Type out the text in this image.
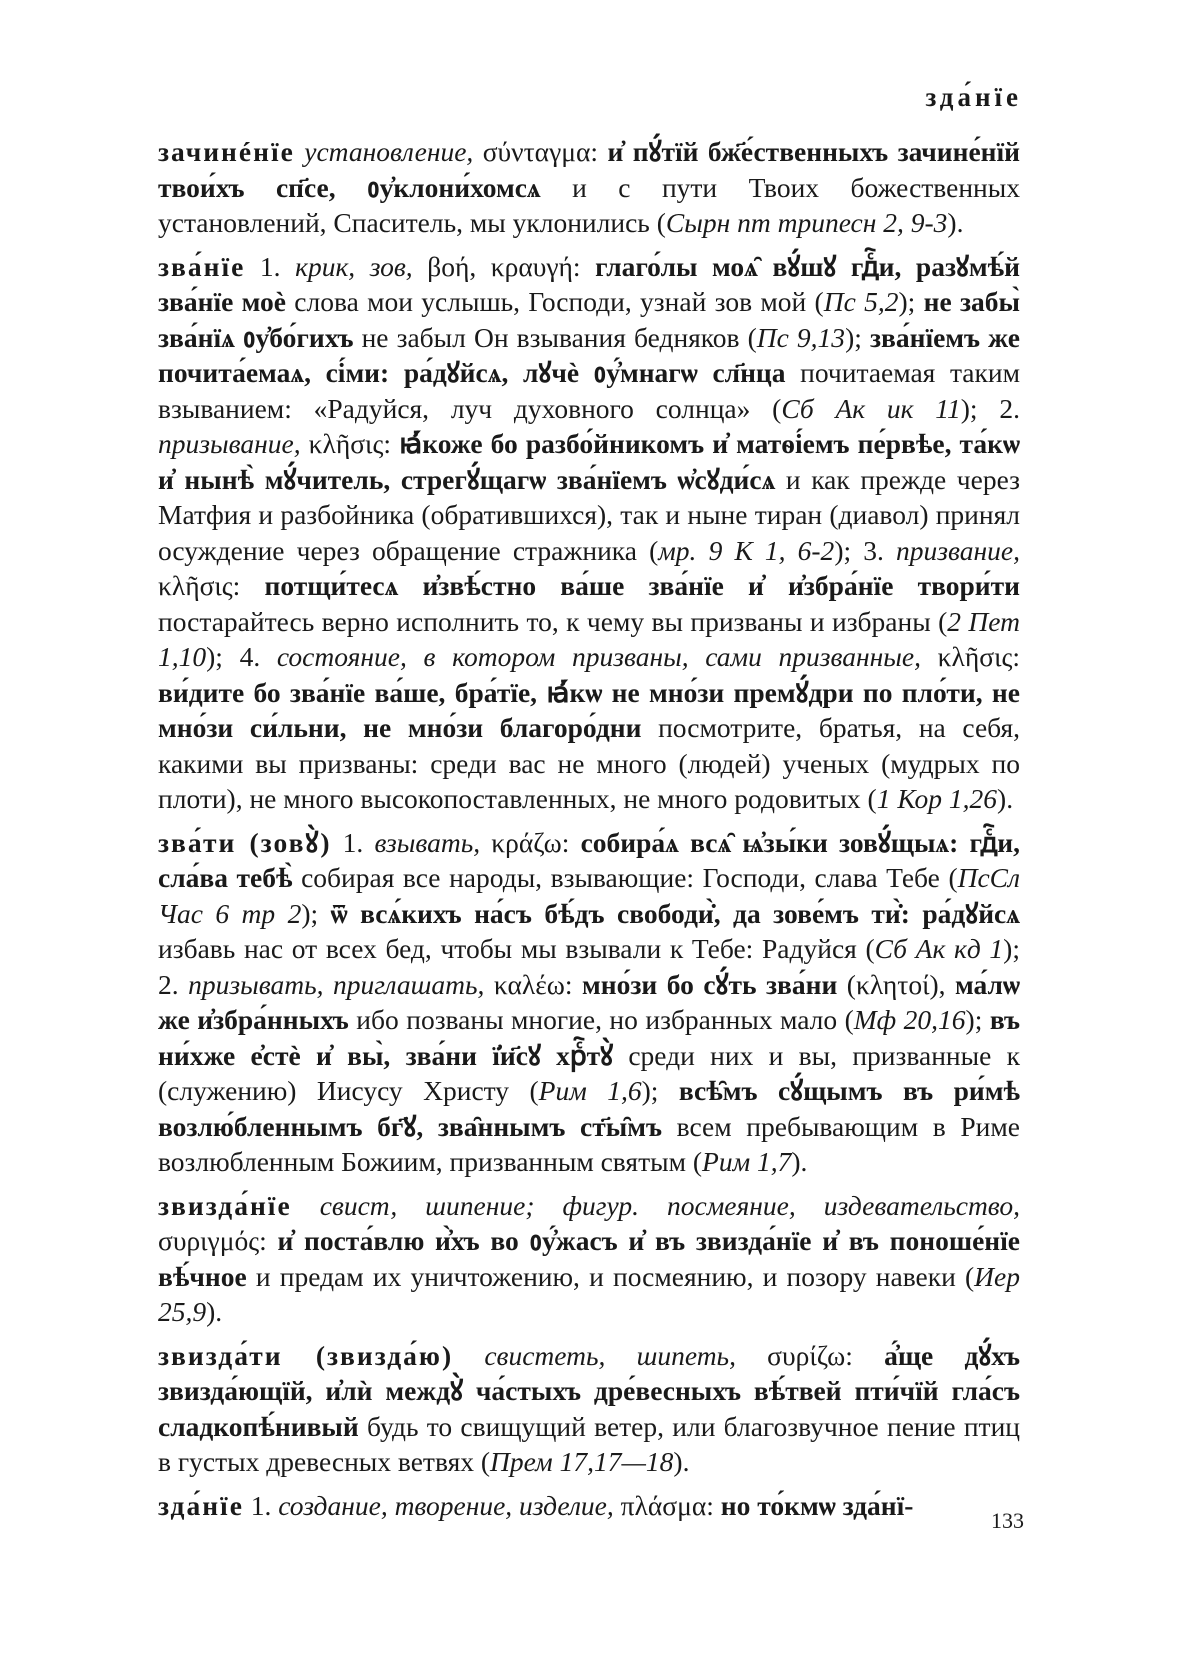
зда́нїе

зачинéнїе установление, σύνταγμα: и҆ пꙋ́тїй бж҃е́ственныхъ зачине́нїй твои́хъ сп҃се, ᲂу҆клони́хомсѧ и с пути Твоих божественных установлений, Спаситель, мы уклонились (Сырн пт трипесн 2, 9-3).

зва́нїе 1. крик, зов, βοή, κραυγή: глаго́лы моѧ̑ вꙋ́шꙋ гдⷭ҇и, разꙋмѣ́й зва́нїе моѐ слова мои услышь, Господи, узнай зов мой (Пс 5,2); не забы̀ зва́нїѧ ᲂу҆бо́гихъ не забыл Он взывания бедняков (Пс 9,13); зва́нїемъ же почита́емаѧ, сі́ми: ра́дꙋйсѧ, лꙋчѐ ᲂу҆́мнагѡ сл҃нца почитаемая таким взыванием: «Радуйся, луч духовного солнца» (Сб Ак ик 11); 2. призывание, κλῆσις: ꙗ҆́коже бо разбо́йникомъ и҆ матѳі́емъ пе́рвѣе, та́кѡ и҆ нынѣ̀ мꙋ́читель, стрегꙋ́щагѡ зва́нїемъ ѡ҆сꙋди́сѧ и как прежде через Матфия и разбойника (обратившихся), так и ныне тиран (диавол) принял осуждение через обращение стражника (мр. 9 К 1, 6-2); 3. призвание, κλῆσις: потщи́тесѧ и҆звѣ́стно ва́ше зва́нїе и҆ и҆збра́нїе твори́ти постарайтесь верно исполнить то, к чему вы призваны и избраны (2 Пет 1,10); 4. состояние, в котором призваны, сами призванные, κλῆσις: ви́дите бо зва́нїе ва́ше, бра́тїе, ꙗ҆́кѡ не мно́зи премꙋ́дри по пло́ти, не мно́зи си́льни, не мно́зи благоро́дни посмотрите, братья, на себя, какими вы призваны: среди вас не много (людей) ученых (мудрых по плоти), не много высокопоставленных, не много родовитых (1 Кор 1,26).

зва́ти (зовꙋ̀) 1. взывать, κράζω: собира́ѧ всѧ̑ ѩ҆зы́ки зовꙋ́щыѧ: гдⷭ҇и, сла́ва тебѣ̀ собирая все народы, взывающие: Господи, слава Тебе (ПсСл Час 6 тр 2); ѿ всѧ́кихъ на́съ бѣ́дъ свободи̇̀, да зове́мъ ти̇̀: ра́дꙋйсѧ избавь нас от всех бед, чтобы мы взывали к Тебе: Радуйся (Сб Ак кд 1); 2. призывать, приглашать, καλέω: мно́зи бо сꙋ́ть зва́ни (κλητοί), ма́лѡ же и҆збра́нныхъ ибо позваны многие, но избранных мало (Мф 20,16); въ ни́хже е҆стѐ и҆ вы̀, зва́ни ї҆и҃сꙋ хрⷭ҇тꙋ̀ среди них и вы, призванные к (служению) Иисусу Христу (Рим 1,6); всѣ̑мъ сꙋ́щымъ въ ри́мѣ возлю́бленнымъ бг҃ꙋ, зва̑ннымъ ст҃ы̑мъ всем пребывающим в Риме возлюбленным Божиим, призванным святым (Рим 1,7).

звизда́нїе свист, шипение; фигур. посмеяние, издевательство, συριγμός: и҆ поста́влю и҆̀хъ во ᲂу҆́жасъ и҆ въ звизда́нїе и҆ въ поноше́нїе вѣ́чное и предам их уничтожению, и посмеянию, и позору навеки (Иер 25,9).

звизда́ти (звизда́ю) свистеть, шипеть, συρίζω: а҆́ще дꙋ́хъ звизда́ющїй, и҆лѝ междꙋ̀ ча́стыхъ дре́весныхъ вѣ́твей пти́чїй гла́съ сладкопѣ́нивый будь то свищущий ветер, или благозвучное пение птиц в густых древесных ветвях (Прем 17,17—18).

зда́нїе 1. создание, творение, изделие, πλάσμα: но то́кмѡ зда́нї-	133
